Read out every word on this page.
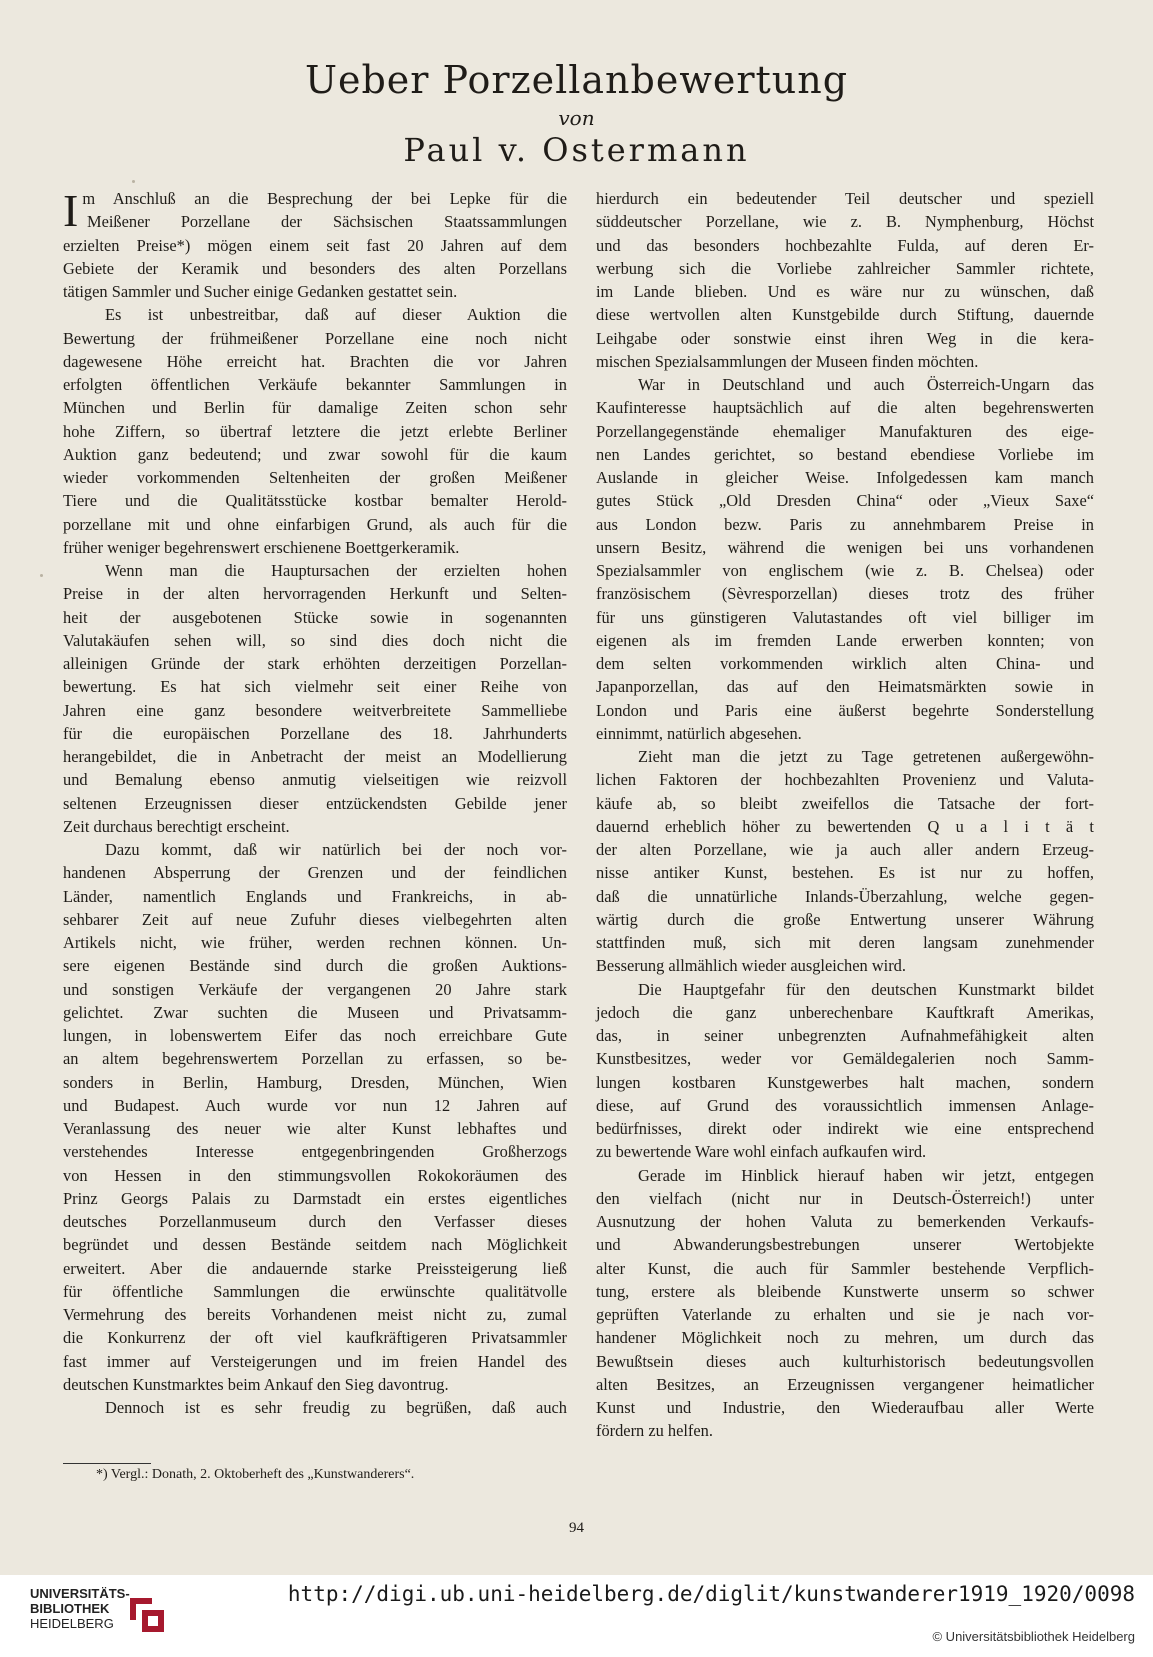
Ueber Porzellanbewertung
von
Paul v. Ostermann

Im Anschluß an die Besprechung der bei Lepke für die

Meißener Porzellane der Sächsischen Staatssammlungen

erzielten Preise*) mögen einem seit fast 20 Jahren auf dem

Gebiete der Keramik und besonders des alten Porzellans

tätigen Sammler und Sucher einige Gedanken gestattet sein.

Es ist unbestreitbar, daß auf dieser Auktion die

Bewertung der frühmeißener Porzellane eine noch nicht

dagewesene Höhe erreicht hat. Brachten die vor Jahren

erfolgten öffentlichen Verkäufe bekannter Sammlungen in

München und Berlin für damalige Zeiten schon sehr

hohe Ziffern, so übertraf letztere die jetzt erlebte Berliner

Auktion ganz bedeutend; und zwar sowohl für die kaum

wieder vorkommenden Seltenheiten der großen Meißener

Tiere und die Qualitätsstücke kostbar bemalter Herold-

porzellane mit und ohne einfarbigen Grund, als auch für die

früher weniger begehrenswert erschienene Boettgerkeramik.

Wenn man die Hauptursachen der erzielten hohen

Preise in der alten hervorragenden Herkunft und Selten-

heit der ausgebotenen Stücke sowie in sogenannten

Valutakäufen sehen will, so sind dies doch nicht die

alleinigen Gründe der stark erhöhten derzeitigen Porzellan-

bewertung. Es hat sich vielmehr seit einer Reihe von

Jahren eine ganz besondere weitverbreitete Sammelliebe

für die europäischen Porzellane des 18. Jahrhunderts

herangebildet, die in Anbetracht der meist an Modellierung

und Bemalung ebenso anmutig vielseitigen wie reizvoll

seltenen Erzeugnissen dieser entzückendsten Gebilde jener

Zeit durchaus berechtigt erscheint.

Dazu kommt, daß wir natürlich bei der noch vor-

handenen Absperrung der Grenzen und der feindlichen

Länder, namentlich Englands und Frankreichs, in ab-

sehbarer Zeit auf neue Zufuhr dieses vielbegehrten alten

Artikels nicht, wie früher, werden rechnen können. Un-

sere eigenen Bestände sind durch die großen Auktions-

und sonstigen Verkäufe der vergangenen 20 Jahre stark

gelichtet. Zwar suchten die Museen und Privatsamm-

lungen, in lobenswertem Eifer das noch erreichbare Gute

an altem begehrenswertem Porzellan zu erfassen, so be-

sonders in Berlin, Hamburg, Dresden, München, Wien

und Budapest. Auch wurde vor nun 12 Jahren auf

Veranlassung des neuer wie alter Kunst lebhaftes und

verstehendes Interesse entgegenbringenden Großherzogs

von Hessen in den stimmungsvollen Rokokoräumen des

Prinz Georgs Palais zu Darmstadt ein erstes eigentliches

deutsches Porzellanmuseum durch den Verfasser dieses

begründet und dessen Bestände seitdem nach Möglichkeit

erweitert. Aber die andauernde starke Preissteigerung ließ

für öffentliche Sammlungen die erwünschte qualitätvolle

Vermehrung des bereits Vorhandenen meist nicht zu, zumal

die Konkurrenz der oft viel kaufkräftigeren Privatsammler

fast immer auf Versteigerungen und im freien Handel des

deutschen Kunstmarktes beim Ankauf den Sieg davontrug.

Dennoch ist es sehr freudig zu begrüßen, daß auch

hierdurch ein bedeutender Teil deutscher und speziell

süddeutscher Porzellane, wie z. B. Nymphenburg, Höchst

und das besonders hochbezahlte Fulda, auf deren Er-

werbung sich die Vorliebe zahlreicher Sammler richtete,

im Lande blieben. Und es wäre nur zu wünschen, daß

diese wertvollen alten Kunstgebilde durch Stiftung, dauernde

Leihgabe oder sonstwie einst ihren Weg in die kera-

mischen Spezialsammlungen der Museen finden möchten.

War in Deutschland und auch Österreich-Ungarn das

Kaufinteresse hauptsächlich auf die alten begehrenswerten

Porzellangegenstände ehemaliger Manufakturen des eige-

nen Landes gerichtet, so bestand ebendiese Vorliebe im

Auslande in gleicher Weise. Infolgedessen kam manch

gutes Stück „Old Dresden China“ oder „Vieux Saxe“

aus London bezw. Paris zu annehmbarem Preise in

unsern Besitz, während die wenigen bei uns vorhandenen

Spezialsammler von englischem (wie z. B. Chelsea) oder

französischem (Sèvresporzellan) dieses trotz des früher

für uns günstigeren Valutastandes oft viel billiger im

eigenen als im fremden Lande erwerben konnten; von

dem selten vorkommenden wirklich alten China- und

Japanporzellan, das auf den Heimatsmärkten sowie in

London und Paris eine äußerst begehrte Sonderstellung

einnimmt, natürlich abgesehen.

Zieht man die jetzt zu Tage getretenen außergewöhn-

lichen Faktoren der hochbezahlten Provenienz und Valuta-

käufe ab, so bleibt zweifellos die Tatsache der fort-

dauernd erheblich höher zu bewertenden Q u a l i t ä t

der alten Porzellane, wie ja auch aller andern Erzeug-

nisse antiker Kunst, bestehen. Es ist nur zu hoffen,

daß die unnatürliche Inlands-Überzahlung, welche gegen-

wärtig durch die große Entwertung unserer Währung

stattfinden muß, sich mit deren langsam zunehmender

Besserung allmählich wieder ausgleichen wird.

Die Hauptgefahr für den deutschen Kunstmarkt bildet

jedoch die ganz unberechenbare Kauftkraft Amerikas,

das, in seiner unbegrenzten Aufnahmefähigkeit alten

Kunstbesitzes, weder vor Gemäldegalerien noch Samm-

lungen kostbaren Kunstgewerbes halt machen, sondern

diese, auf Grund des voraussichtlich immensen Anlage-

bedürfnisses, direkt oder indirekt wie eine entsprechend

zu bewertende Ware wohl einfach aufkaufen wird.

Gerade im Hinblick hierauf haben wir jetzt, entgegen

den vielfach (nicht nur in Deutsch-Österreich!) unter

Ausnutzung der hohen Valuta zu bemerkenden Verkaufs-

und Abwanderungsbestrebungen unserer Wertobjekte

alter Kunst, die auch für Sammler bestehende Verpflich-

tung, erstere als bleibende Kunstwerte unserm so schwer

geprüften Vaterlande zu erhalten und sie je nach vor-

handener Möglichkeit noch zu mehren, um durch das

Bewußtsein dieses auch kulturhistorisch bedeutungsvollen

alten Besitzes, an Erzeugnissen vergangener heimatlicher

Kunst und Industrie, den Wiederaufbau aller Werte

fördern zu helfen.

*) Vergl.: Donath, 2. Oktoberheft des „Kunstwanderers“.
94
UNIVERSITÄTS-
BIBLIOTHEK
HEIDELBERG
http://digi.ub.uni-heidelberg.de/diglit/kunstwanderer1919_1920/0098
© Universitätsbibliothek Heidelberg
